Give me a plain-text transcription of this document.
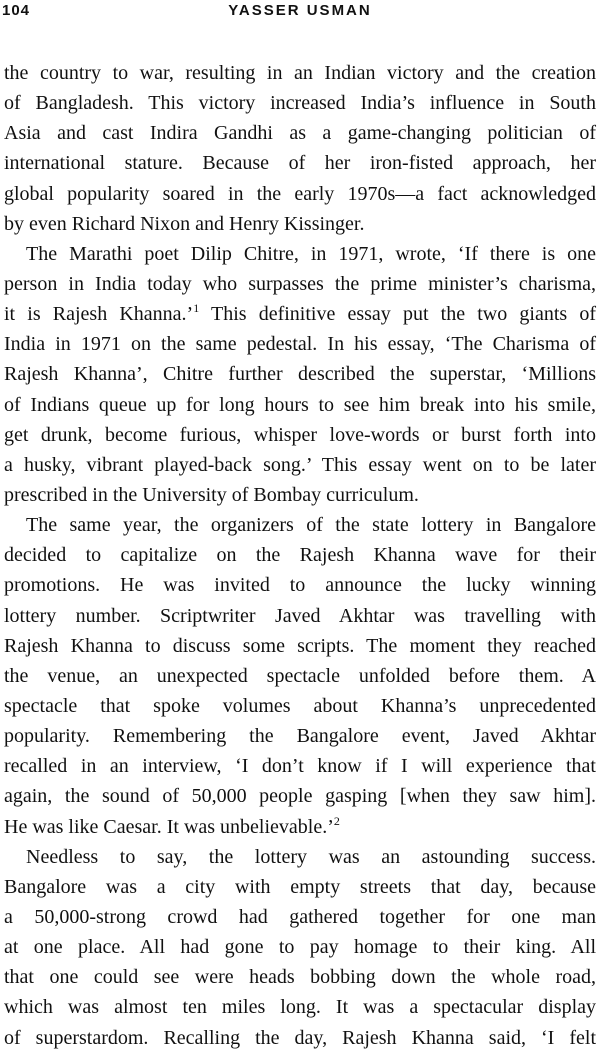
104	YASSER USMAN
the country to war, resulting in an Indian victory and the creation
of Bangladesh. This victory increased India’s influence in South
Asia and cast Indira Gandhi as a game-changing politician of
international stature. Because of her iron-fisted approach, her
global popularity soared in the early 1970s—a fact acknowledged
by even Richard Nixon and Henry Kissinger.
The Marathi poet Dilip Chitre, in 1971, wrote, ‘If there is one
person in India today who surpasses the prime minister’s charisma,
it is Rajesh Khanna.’$^1$ This definitive essay put the two giants of
India in 1971 on the same pedestal. In his essay, ‘The Charisma of
Rajesh Khanna’, Chitre further described the superstar, ‘Millions
of Indians queue up for long hours to see him break into his smile,
get drunk, become furious, whisper love-words or burst forth into
a husky, vibrant played-back song.’ This essay went on to be later
prescribed in the University of Bombay curriculum.
The same year, the organizers of the state lottery in Bangalore
decided to capitalize on the Rajesh Khanna wave for their
promotions. He was invited to announce the lucky winning
lottery number. Scriptwriter Javed Akhtar was travelling with
Rajesh Khanna to discuss some scripts. The moment they reached
the venue, an unexpected spectacle unfolded before them. A
spectacle that spoke volumes about Khanna’s unprecedented
popularity. Remembering the Bangalore event, Javed Akhtar
recalled in an interview, ‘I don’t know if I will experience that
again, the sound of 50,000 people gasping [when they saw him].
He was like Caesar. It was unbelievable.’$^2$
Needless to say, the lottery was an astounding success.
Bangalore was a city with empty streets that day, because
a 50,000-strong crowd had gathered together for one man
at one place. All had gone to pay homage to their king. All
that one could see were heads bobbing down the whole road,
which was almost ten miles long. It was a spectacular display
of superstardom. Recalling the day, Rajesh Khanna said, ‘I felt
